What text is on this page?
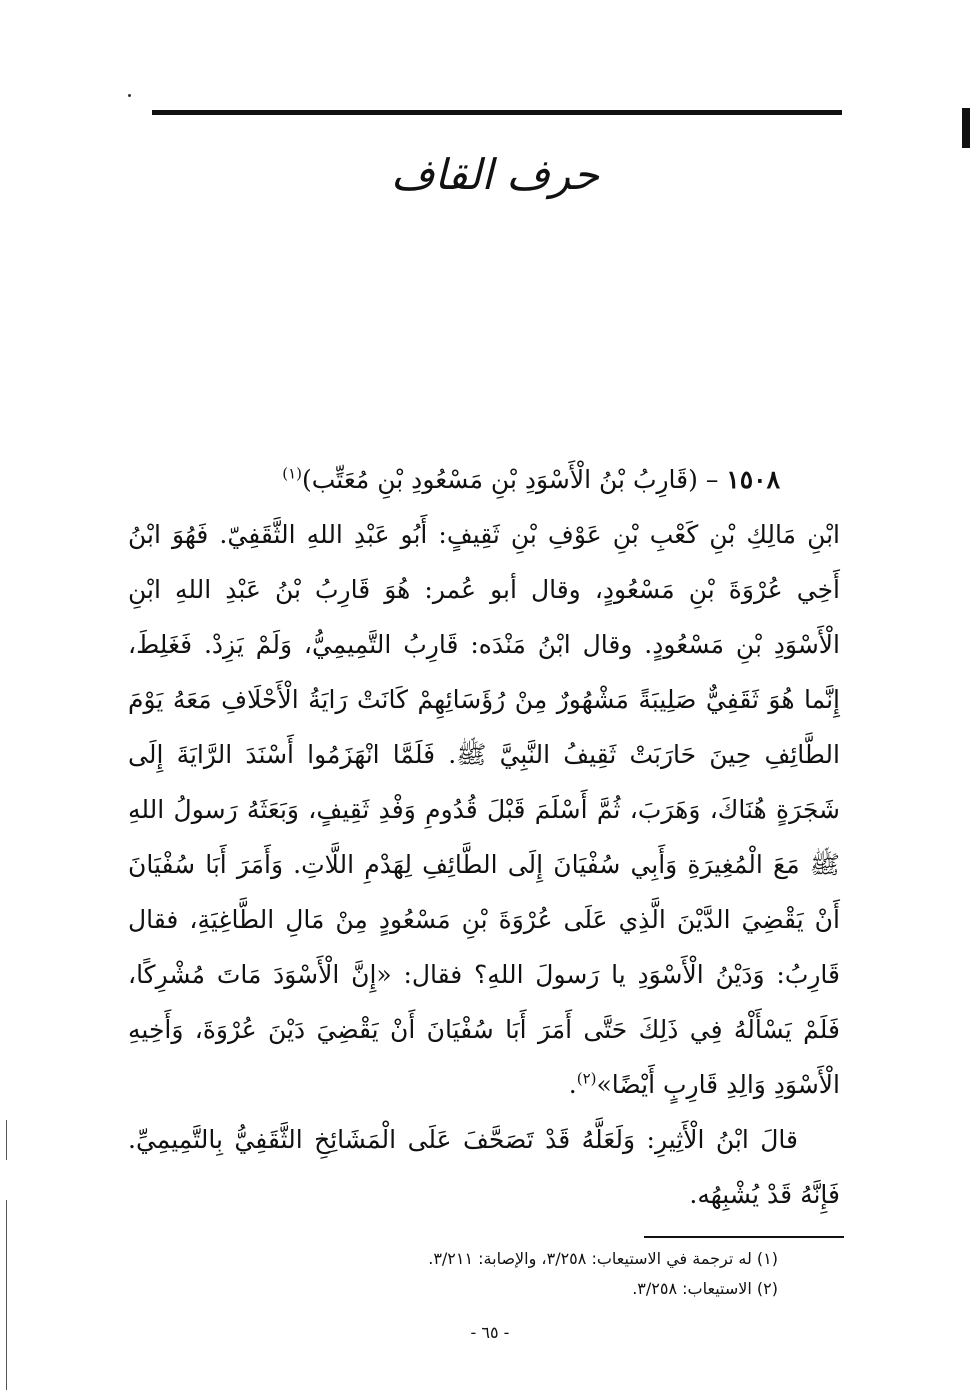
حرف القاف

١٥٠٨ – (قَارِبُ بْنُ الْأَسْوَدِ بْنِ مَسْعُودِ بْنِ مُعَتِّب)$^{(١)}$

ابْنِ مَالِكِ بْنِ كَعْبِ بْنِ عَوْفِ بْنِ ثَقِيفٍ: أَبُو عَبْدِ اللهِ الثَّقَفِيّ. فَهُوَ ابْنُ أَخِي عُرْوَةَ بْنِ مَسْعُودٍ، وقال أبو عُمر: هُوَ قَارِبُ بْنُ عَبْدِ اللهِ ابْنِ الْأَسْوَدِ بْنِ مَسْعُودٍ. وقال ابْنُ مَنْدَه: قَارِبُ التَّمِيمِيُّ، وَلَمْ يَزِدْ. فَغَلِطَ، إِنَّما هُوَ ثَقَفِيٌّ صَلِيبَةً مَشْهُورٌ مِنْ رُؤَسَائِهِمْ كَانَتْ رَايَةُ الْأَحْلَافِ مَعَهُ يَوْمَ الطَّائِفِ حِينَ حَارَبَتْ ثَقِيفُ النَّبِيَّ ﷺ. فَلَمَّا انْهَزَمُوا أَسْنَدَ الرَّايَةَ إِلَى شَجَرَةٍ هُنَاكَ، وَهَرَبَ، ثُمَّ أَسْلَمَ قَبْلَ قُدُومِ وَفْدِ ثَقِيفٍ، وَبَعَثَهُ رَسولُ اللهِ ﷺ مَعَ الْمُغِيرَةِ وَأَبِي سُفْيَانَ إِلَى الطَّائِفِ لِهَدْمِ اللَّاتِ. وَأَمَرَ أَبَا سُفْيَانَ أَنْ يَقْضِيَ الدَّيْنَ الَّذِي عَلَى عُرْوَةَ بْنِ مَسْعُودٍ مِنْ مَالِ الطَّاغِيَةِ، فقال قَارِبُ: وَدَيْنُ الْأَسْوَدِ يا رَسولَ اللهِ؟ فقال: «إِنَّ الْأَسْوَدَ مَاتَ مُشْرِكًا، فَلَمْ يَسْأَلْهُ فِي ذَلِكَ حَتَّى أَمَرَ أَبَا سُفْيَانَ أَنْ يَقْضِيَ دَيْنَ عُرْوَةَ، وَأَخِيهِ الْأَسْوَدِ وَالِدِ قَارِبٍ أَيْضًا»$^{(٢)}$.

قالَ ابْنُ الْأَثِيرِ: وَلَعَلَّهُ قَدْ تَصَحَّفَ عَلَى الْمَشَائِخِ الثَّقَفِيُّ بِالتَّمِيمِيِّ. فَإِنَّهُ قَدْ يُشْبِهُه.

(١) له ترجمة في الاستيعاب: ٣/٢٥٨، والإصابة: ٣/٢١١.

(٢) الاستيعاب: ٣/٢٥٨.

- ٦٥ -
